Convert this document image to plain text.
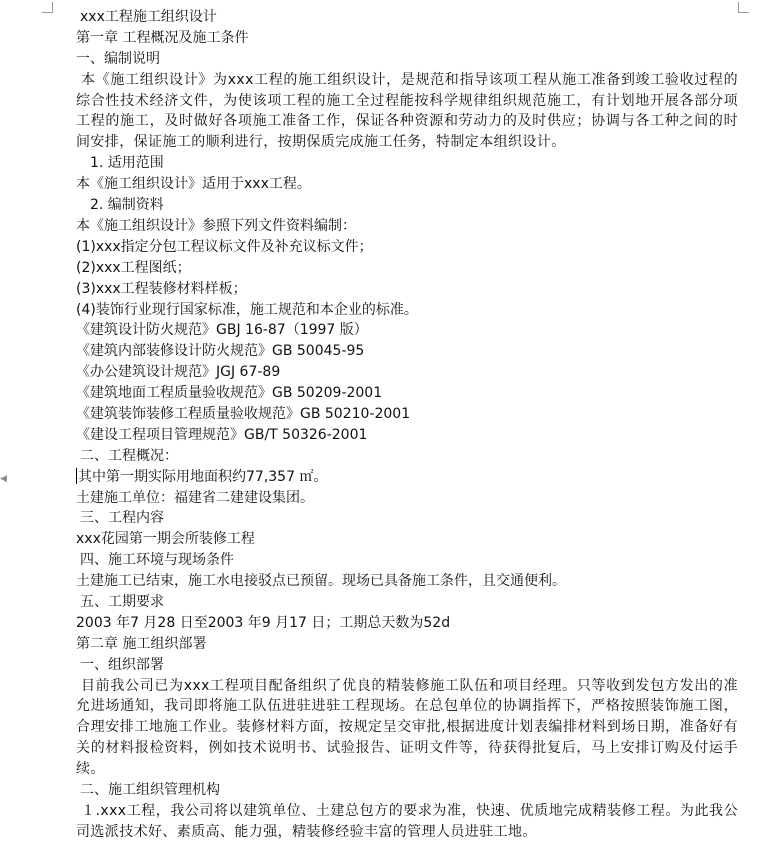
◀
xxx工程施工组织设计
第一章 工程概况及施工条件
一、编制说明
本《施工组织设计》为xxx工程的施工组织设计，是规范和指导该项工程从施工准备到竣工验收过程的综合性技术经济文件，为使该项工程的施工全过程能按科学规律组织规范施工，有计划地开展各部分项工程的施工，及时做好各项施工准备工作，保证各种资源和劳动力的及时供应；协调与各工种之间的时间安排，保证施工的顺利进行，按期保质完成施工任务，特制定本组织设计。
1. 适用范围
本《施工组织设计》适用于xxx工程。
2. 编制资料
本《施工组织设计》参照下列文件资料编制：
(1)xxx指定分包工程议标文件及补充议标文件；
(2)xxx工程图纸；
(3)xxx工程装修材料样板；
(4)装饰行业现行国家标准，施工规范和本企业的标准。
《建筑设计防火规范》GBJ 16-87（1997 版）
《建筑内部装修设计防火规范》GB 50045-95
《办公建筑设计规范》JGJ 67-89
《建筑地面工程质量验收规范》GB 50209-2001
《建筑装饰装修工程质量验收规范》GB 50210-2001
《建设工程项目管理规范》GB/T 50326-2001
二、工程概况：
其中第一期实际用地面积约77,357 ㎡。
土建施工单位：福建省二建建设集团。
三、工程内容
xxx花园第一期会所装修工程
四、施工环境与现场条件
土建施工已结束，施工水电接驳点已预留。现场已具备施工条件，且交通便利。
五、工期要求
2003 年7 月28 日至2003 年9 月17 日；工期总天数为52d
第二章 施工组织部署
一、组织部署
目前我公司已为xxx工程项目配备组织了优良的精装修施工队伍和项目经理。只等收到发包方发出的准允进场通知，我司即将施工队伍进驻进驻工程现场。在总包单位的协调指挥下，严格按照装饰施工图，合理安排工地施工作业。装修材料方面，按规定呈交审批,根据进度计划表编排材料到场日期，准备好有关的材料报检资料，例如技术说明书、试验报告、证明文件等，待获得批复后，马上安排订购及付运手续。
二、施工组织管理机构
１.xxx工程，我公司将以建筑单位、土建总包方的要求为准，快速、优质地完成精装修工程。为此我公司选派技术好、素质高、能力强，精装修经验丰富的管理人员进驻工地。
